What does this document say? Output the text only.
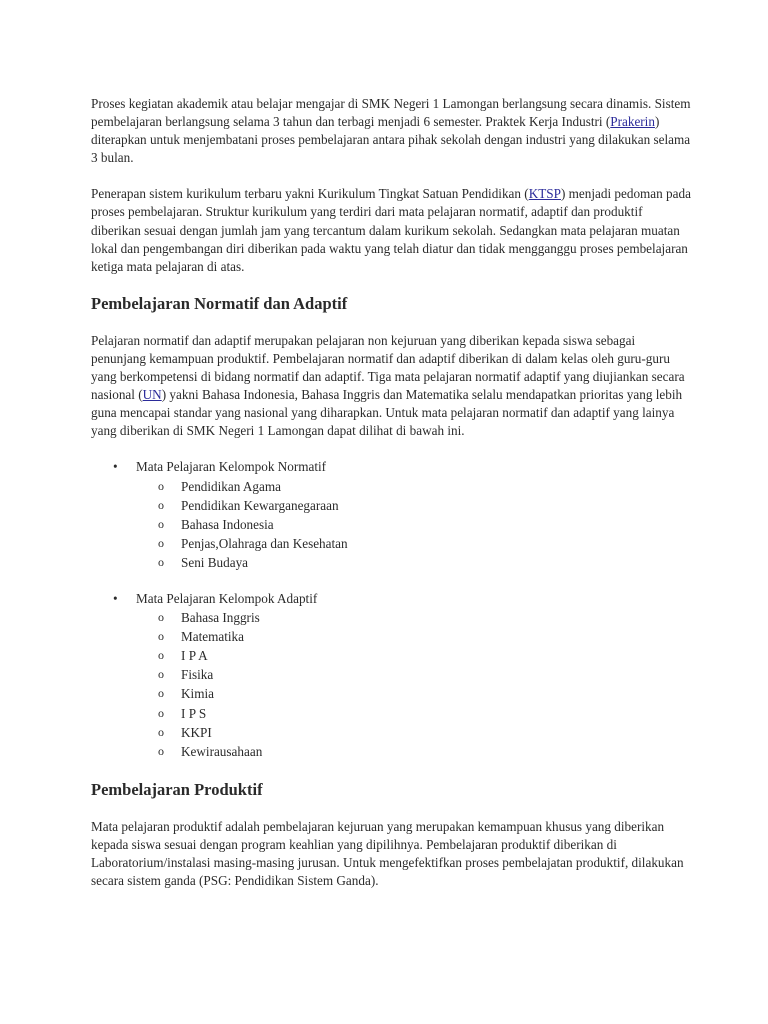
Proses kegiatan akademik atau belajar mengajar di SMK Negeri 1 Lamongan berlangsung secara dinamis. Sistem pembelajaran berlangsung selama 3 tahun dan terbagi menjadi 6 semester. Praktek Kerja Industri (Prakerin) diterapkan untuk menjembatani proses pembelajaran antara pihak sekolah dengan industri yang dilakukan selama 3 bulan.

Penerapan sistem kurikulum terbaru yakni Kurikulum Tingkat Satuan Pendidikan (KTSP) menjadi pedoman pada proses pembelajaran. Struktur kurikulum yang terdiri dari mata pelajaran normatif, adaptif dan produktif diberikan sesuai dengan jumlah jam yang tercantum dalam kurikum sekolah. Sedangkan mata pelajaran muatan lokal dan pengembangan diri diberikan pada waktu yang telah diatur dan tidak mengganggu proses pembelajaran ketiga mata pelajaran di atas.

Pembelajaran Normatif dan Adaptif

Pelajaran normatif dan adaptif merupakan pelajaran non kejuruan yang diberikan kepada siswa sebagai penunjang kemampuan produktif. Pembelajaran normatif dan adaptif diberikan di dalam kelas oleh guru-guru yang berkompetensi di bidang normatif dan adaptif. Tiga mata pelajaran normatif adaptif yang diujiankan secara nasional (UN) yakni Bahasa Indonesia, Bahasa Inggris dan Matematika selalu mendapatkan prioritas yang lebih guna mencapai standar yang nasional yang diharapkan. Untuk mata pelajaran normatif dan adaptif yang lainya yang diberikan di SMK Negeri 1 Lamongan dapat dilihat di bawah ini.

• Mata Pelajaran Kelompok Normatif
o Pendidikan Agama
o Pendidikan Kewarganegaraan
o Bahasa Indonesia
o Penjas,Olahraga dan Kesehatan
o Seni Budaya
• Mata Pelajaran Kelompok Adaptif
o Bahasa Inggris
o Matematika
o I P A
o Fisika
o Kimia
o I P S
o KKPI
o Kewirausahaan
Pembelajaran Produktif

Mata pelajaran produktif adalah pembelajaran kejuruan yang merupakan kemampuan khusus yang diberikan kepada siswa sesuai dengan program keahlian yang dipilihnya. Pembelajaran produktif diberikan di Laboratorium/instalasi masing-masing jurusan. Untuk mengefektifkan proses pembelajatan produktif, dilakukan secara sistem ganda (PSG: Pendidikan Sistem Ganda).
